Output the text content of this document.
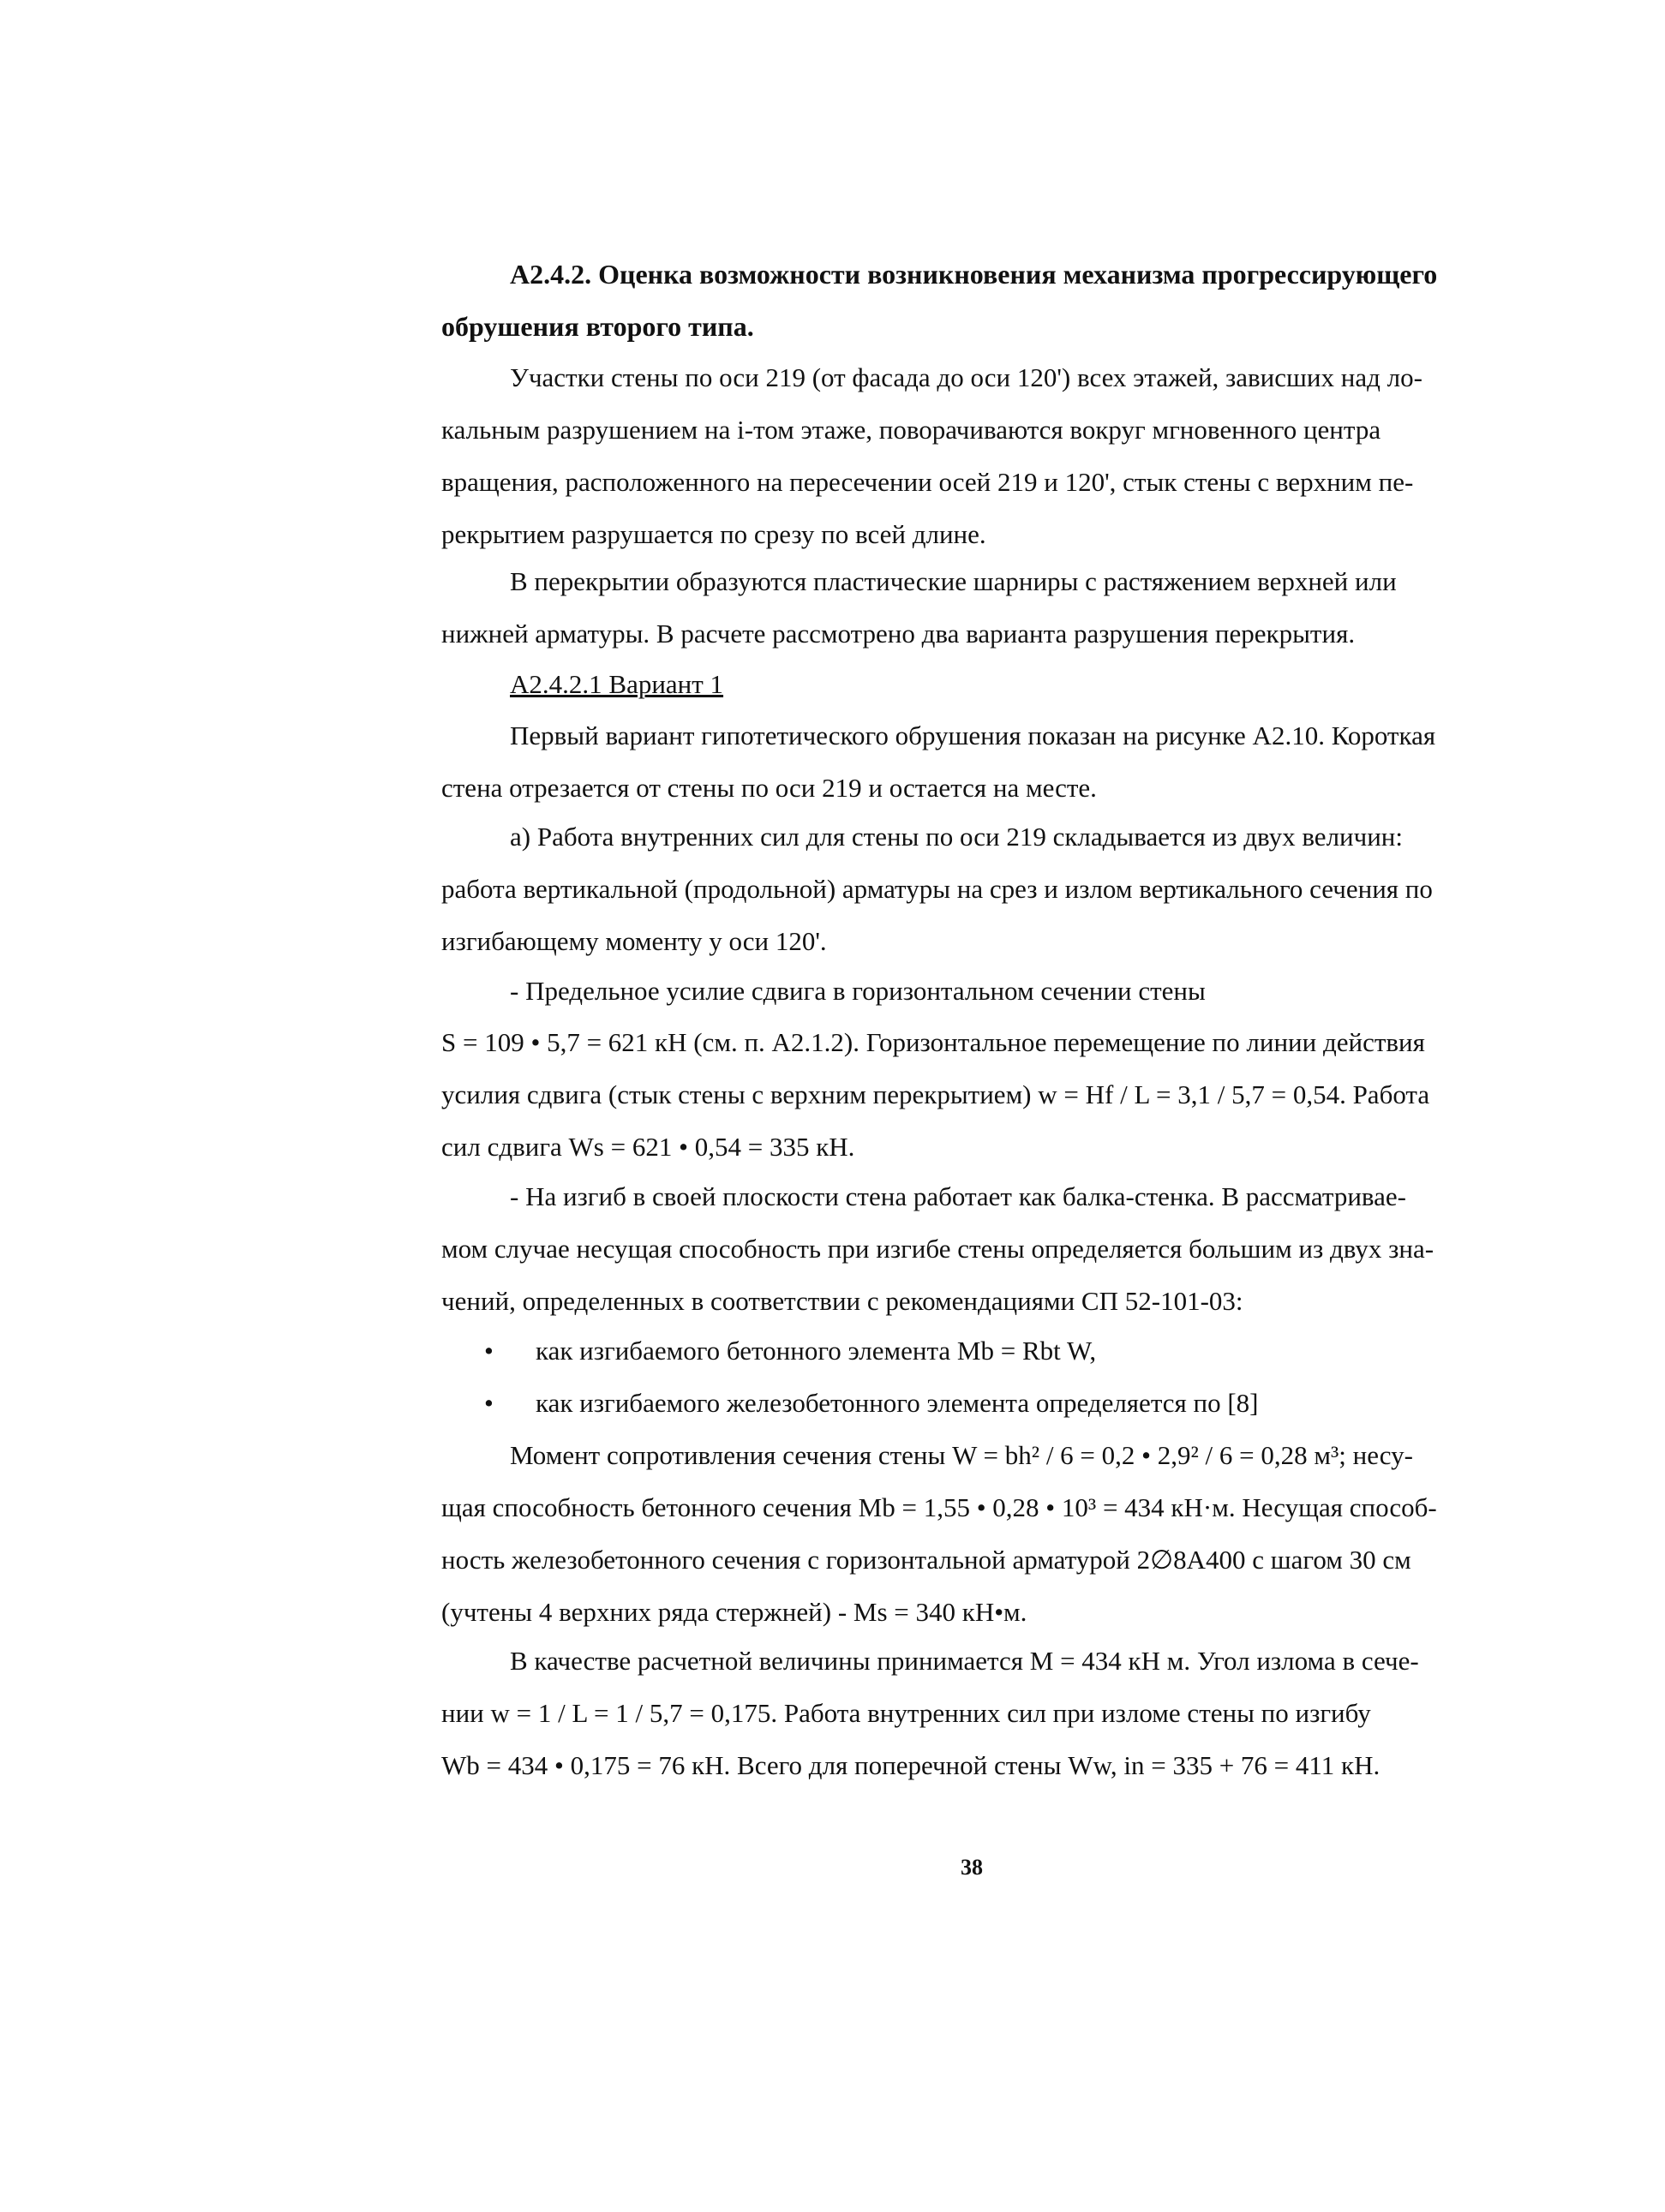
А2.4.2. Оценка возможности возникновения механизма прогрессирующего
обрушения второго типа.

Участки стены по оси 219 (от фасада до оси 120') всех этажей, зависших над ло-
кальным разрушением на i-том этаже, поворачиваются вокруг мгновенного центра
вращения, расположенного на пересечении осей 219 и 120', стык стены с верхним пе-
рекрытием разрушается по срезу по всей длине.

В перекрытии образуются пластические шарниры с растяжением верхней или
нижней арматуры. В расчете рассмотрено два варианта разрушения перекрытия.

А2.4.2.1 Вариант 1

Первый вариант гипотетического обрушения показан на рисунке А2.10. Короткая
стена отрезается от стены по оси 219 и остается на месте.

а) Работа внутренних сил для стены по оси 219 складывается из двух величин:
работа вертикальной (продольной) арматуры на срез и излом вертикального сечения по
изгибающему моменту у оси 120'.

- Предельное усилие сдвига в горизонтальном сечении стены

S = 109 • 5,7 = 621 кН (см. п. А2.1.2). Горизонтальное перемещение по линии действия
усилия сдвига (стык стены с верхним перекрытием) w = Hf / L = 3,1 / 5,7 = 0,54. Работа
сил сдвига Ws = 621 • 0,54 = 335 кН.

- На изгиб в своей плоскости стена работает как балка-стенка. В рассматривае-
мом случае несущая способность при изгибе стены определяется большим из двух зна-
чений, определенных в соответствии с рекомендациями СП 52-101-03:

• как изгибаемого бетонного элемента Mb = Rbt W,
• как изгибаемого железобетонного элемента определяется по [8]

Момент сопротивления сечения стены W = bh² / 6 = 0,2 • 2,9² / 6 = 0,28 м³; несу-
щая способность бетонного сечения Mb = 1,55 • 0,28 • 10³ = 434 кН·м. Несущая способ-
ность железобетонного сечения с горизонтальной арматурой 2∅8А400 с шагом 30 см
(учтены 4 верхних ряда стержней) - Ms = 340 кН•м.

В качестве расчетной величины принимается M = 434 кН м. Угол излома в сече-
нии w = 1 / L = 1 / 5,7 = 0,175. Работа внутренних сил при изломе стены по изгибу
Wb = 434 • 0,175 = 76 кН. Всего для поперечной стены Ww, in = 335 + 76 = 411 кН.

38
